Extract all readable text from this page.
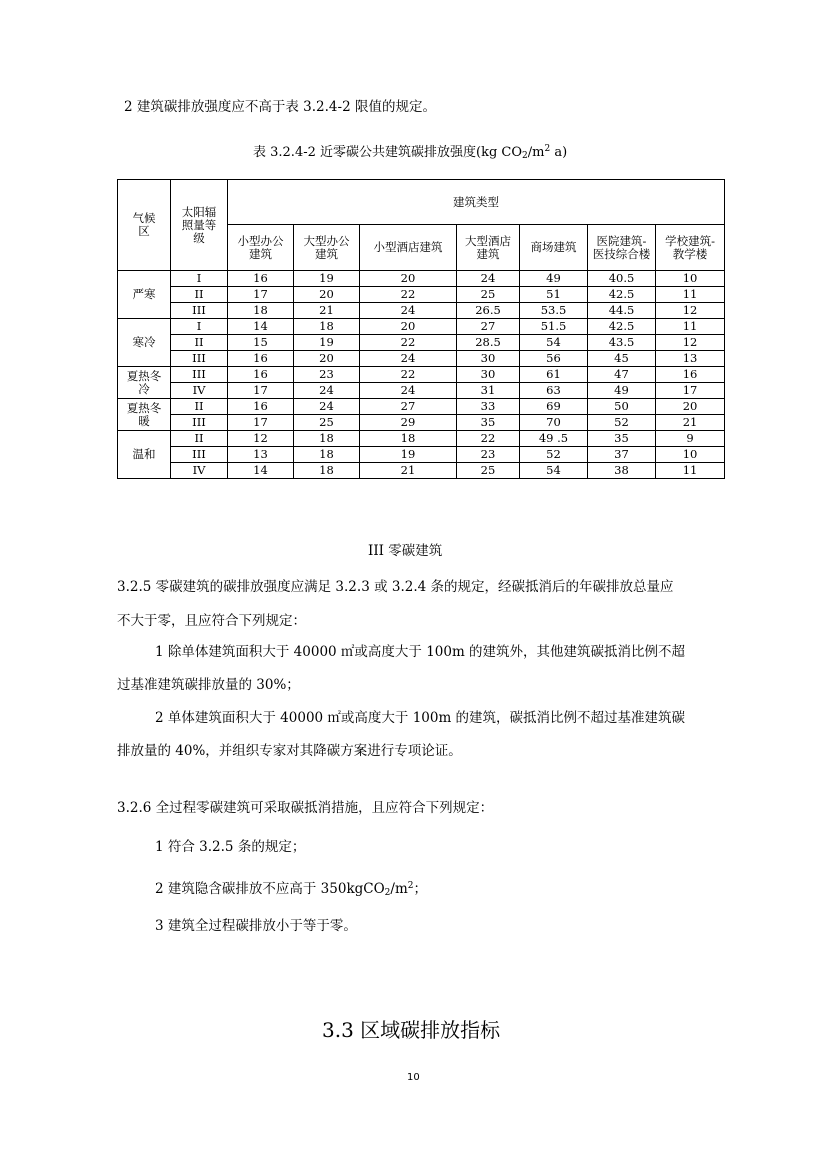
2 建筑碳排放强度应不高于表 3.2.4-2 限值的规定。

表 3.2.4-2 近零碳公共建筑碳排放强度(kg $CO_2/m^2$ a)

气候区	太阳辐照量等级	建筑类型						
		小型办公建筑	大型办公建筑	小型酒店建筑	大型酒店建筑	商场建筑	医院建筑-医技综合楼	学校建筑-教学楼
严寒	I	16	19	20	24	49	40.5	10
	II	17	20	22	25	51	42.5	11
	III	18	21	24	26.5	53.5	44.5	12
寒冷	I	14	18	20	27	51.5	42.5	11
	II	15	19	22	28.5	54	43.5	12
	III	16	20	24	30	56	45	13
夏热冬冷	III	16	23	22	30	61	47	16
	IV	17	24	24	31	63	49	17
夏热冬暖	II	16	24	27	33	69	50	20
	III	17	25	29	35	70	52	21
温和	II	12	18	18	22	49 .5	35	9
	III	13	18	19	23	52	37	10
	IV	14	18	21	25	54	38	11

III 零碳建筑

3.2.5 零碳建筑的碳排放强度应满足 3.2.3 或 3.2.4 条的规定，经碳抵消后的年碳排放总量应

不大于零，且应符合下列规定：

1 除单体建筑面积大于 40000 ㎡或高度大于 100m 的建筑外，其他建筑碳抵消比例不超

过基准建筑碳排放量的 30%；

2 单体建筑面积大于 40000 ㎡或高度大于 100m 的建筑，碳抵消比例不超过基准建筑碳

排放量的 40%，并组织专家对其降碳方案进行专项论证。

3.2.6 全过程零碳建筑可采取碳抵消措施，且应符合下列规定：

1 符合 3.2.5 条的规定；

2 建筑隐含碳排放不应高于 $350kgCO_2/m^2$；

3 建筑全过程碳排放小于等于零。

3.3 区域碳排放指标

10
